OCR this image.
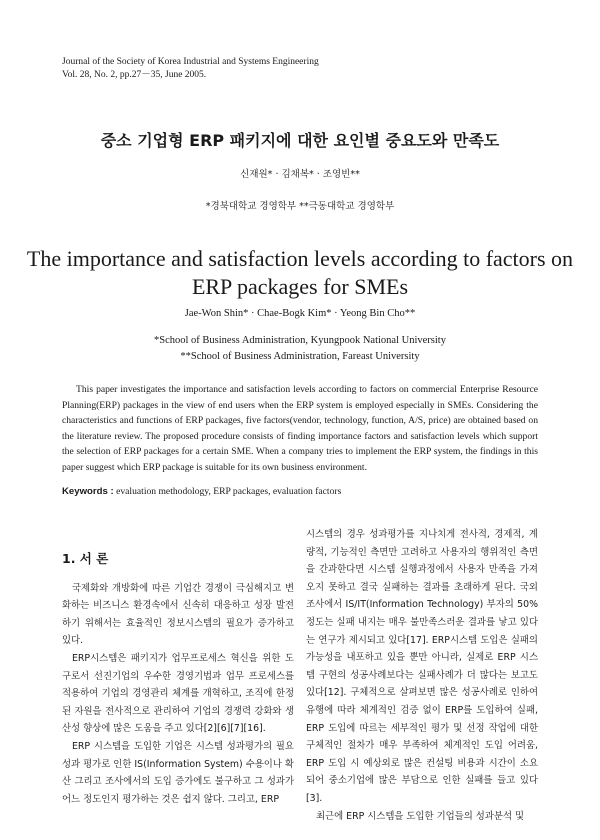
Journal of the Society of Korea Industrial and Systems Engineering
Vol. 28, No. 2, pp.27－35, June 2005.
중소 기업형 ERP 패키지에 대한 요인별 중요도와 만족도
신재원* · 김채복* · 조영빈**
*경북대학교 경영학부 **극동대학교 경영학부
The importance and satisfaction levels according to factors on
ERP packages for SMEs
Jae-Won Shin* · Chae-Bogk Kim* · Yeong Bin Cho**
*School of Business Administration, Kyungpook National University
**School of Business Administration, Fareast University

This paper investigates the importance and satisfaction levels according to factors on commercial Enterprise Resource Planning(ERP) packages in the view of end users when the ERP system is employed especially in SMEs. Considering the characteristics and functions of ERP packages, five factors(vendor, technology, function, A/S, price) are obtained based on the literature review. The proposed procedure consists of finding importance factors and satisfaction levels which support the selection of ERP packages for a certain SME. When a company tries to implement the ERP system, the findings in this paper suggest which ERP package is suitable for its own business environment.

Keywords : evaluation methodology, ERP packages, evaluation factors
1. 서 론

국제화와 개방화에 따른 기업간 경쟁이 극심해지고 변화하는 비즈니스 환경속에서 신속히 대응하고 성장 발전하기 위해서는 효율적인 정보시스템의 필요가 증가하고 있다.

ERP시스템은 패키지가 업무프로세스 혁신을 위한 도구로서 선진기업의 우수한 경영기법과 업무 프로세스를 적용하여 기업의 경영관리 체계를 개혁하고, 조직에 한정된 자원을 전사적으로 관리하여 기업의 경쟁력 강화와 생산성 향상에 많은 도움을 주고 있다[2][6][7][16].

ERP 시스템을 도입한 기업은 시스템 성과평가의 필요성과 평가로 인한 IS(Information System) 수용이나 확산 그리고 조사에서의 도입 증가에도 불구하고 그 성과가 어느 정도인지 평가하는 것은 쉽지 않다. 그리고, ERP

시스템의 경우 성과평가를 지나치게 전사적, 경제적, 계량적, 기능적인 측면만 고려하고 사용자의 행위적인 측면을 간과한다면 시스템 실행과정에서 사용자 만족을 가져오지 못하고 결국 실패하는 결과를 초래하게 된다. 국외 조사에서 IS/IT(Information Technology) 부자의 50% 정도는 실패 내지는 매우 불만족스러운 결과를 낳고 있다는 연구가 제시되고 있다[17]. ERP시스템 도입은 실패의 가능성을 내포하고 있을 뿐만 아니라, 실제로 ERP 시스템 구현의 성공사례보다는 실패사례가 더 많다는 보고도 있다[12]. 구체적으로 살펴보면 많은 성공사례로 인하여 유행에 따라 체계적인 검증 없이 ERP를 도입하여 실패, ERP 도입에 따르는 세부적인 평가 및 선정 작업에 대한 구체적인 절차가 매우 부족하여 체계적인 도입 어려움, ERP 도입 시 예상외로 많은 컨설팅 비용과 시간이 소요되어 중소기업에 많은 부담으로 인한 실패를 들고 있다[3].

최근에 ERP 시스템을 도입한 기업들의 성과분석 및
